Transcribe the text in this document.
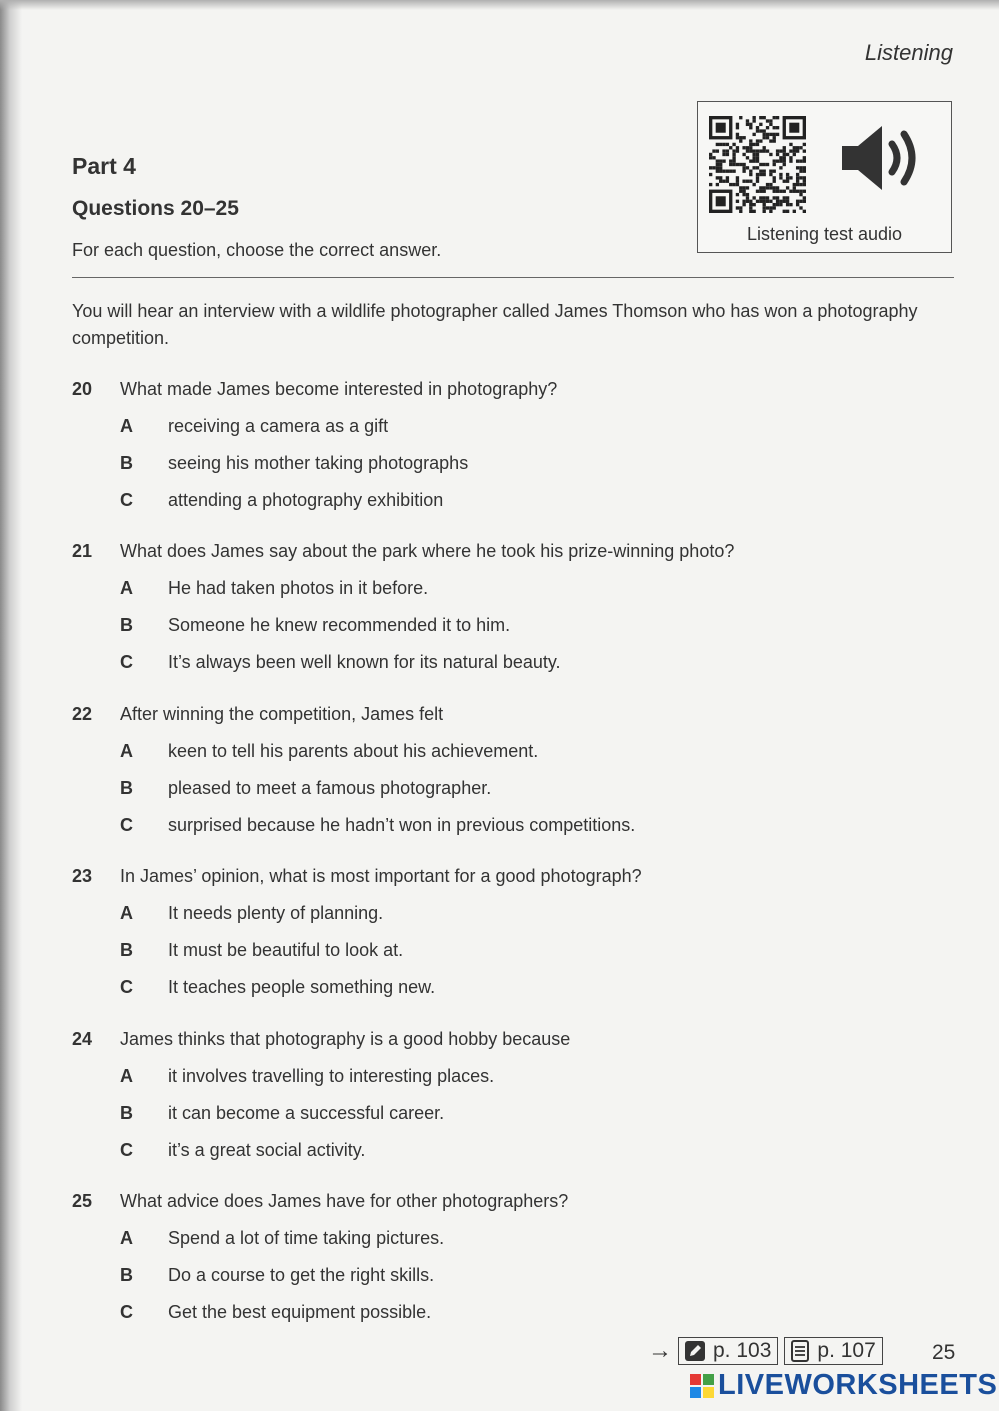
Listening
Part 4
Questions 20–25
For each question, choose the correct answer.
Listening test audio
You will hear an interview with a wildlife photographer called James Thomson who has won a photography competition.
20	What made James become interested in photography?
A	receiving a camera as a gift
B	seeing his mother taking photographs
C	attending a photography exhibition
21	What does James say about the park where he took his prize-winning photo?
A	He had taken photos in it before.
B	Someone he knew recommended it to him.
C	It’s always been well known for its natural beauty.
22	After winning the competition, James felt
A	keen to tell his parents about his achievement.
B	pleased to meet a famous photographer.
C	surprised because he hadn’t won in previous competitions.
23	In James’ opinion, what is most important for a good photograph?
A	It needs plenty of planning.
B	It must be beautiful to look at.
C	It teaches people something new.
24	James thinks that photography is a good hobby because
A	it involves travelling to interesting places.
B	it can become a successful career.
C	it’s a great social activity.
25	What advice does James have for other photographers?
A	Spend a lot of time taking pictures.
B	Do a course to get the right skills.
C	Get the best equipment possible.
→ p. 103 p. 107	25
LIVEWORKSHEETS
